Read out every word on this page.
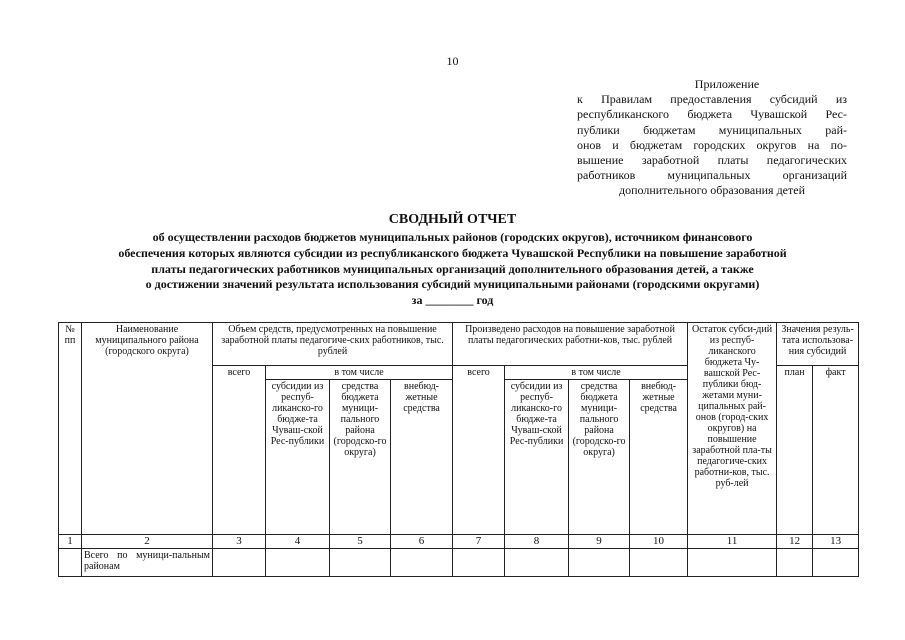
10
Приложение
к Правилам предоставления субсидий из
республиканского бюджета Чувашской Рес-
публики бюджетам муниципальных рай-
онов и бюджетам городских округов на по-
вышение заработной платы педагогических
работников муниципальных организаций
дополнительного образования детей
СВОДНЫЙ ОТЧЕТ
об осуществлении расходов бюджетов муниципальных районов (городских округов), источником финансового
обеспечения которых являются субсидии из республиканского бюджета Чувашской Республики на повышение заработной
платы педагогических работников муниципальных организаций дополнительного образования детей, а также
о достижении значений результата использования субсидий муниципальными районами (городскими округами)
за ________ год
№ пп	Наименование муниципального района (городского округа)	Объем средств, предусмотренных на повышение заработной платы педагогиче-ских работников, тыс. рублей				Произведено расходов на повышение заработной платы педагогических работни-ков, тыс. рублей				Остаток субси-дий из респуб-ликанского бюджета Чу-вашской Рес-публики бюд-жетами муни-ципальных рай-онов (город-ских округов) на повышение заработной пла-ты педагогиче-ских работни-ков, тыс. руб-лей	Значения резуль-тата использова-ния субсидий	
		всего	в том числе			всего	в том числе				план	факт
			субсидии из респуб-ликанско-го бюдже-та Чуваш-ской Рес-публики	средства бюджета муници-пального района (городско-го округа)	внебюд-жетные средства		субсидии из респуб-ликанско-го бюдже-та Чуваш-ской Рес-публики	средства бюджета муници-пального района (городско-го округа)	внебюд-жетные средства			
1	2	3	4	5	6	7	8	9	10	11	12	13
	Всего по муници-пальным районам											
